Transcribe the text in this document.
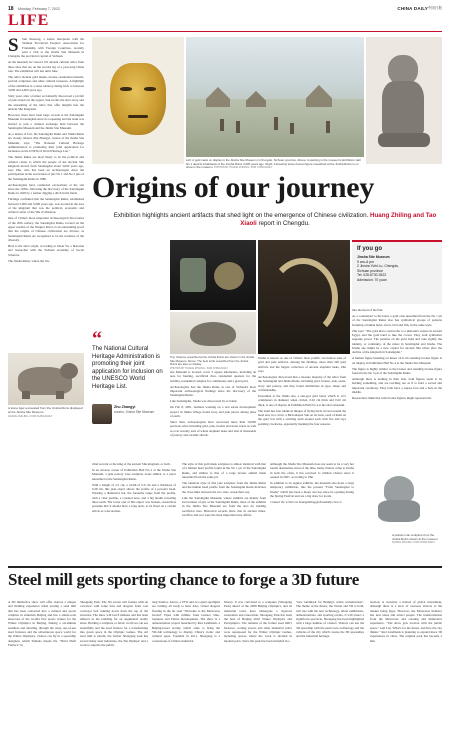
18 Monday, February 7, 2022	CHINA DAILY 中国日报
LIFE
S	Sun Xuesong, a senior interpreter with the Sichuan Provincial People's Association for Friendship with Foreign Countries, recently paid a visit to the Jinsha Site Museum in Chengdu, the provincial capital of Sichuan.

At the museum, he viewed 101 ancient cultural relics from three sites that are on the second leg of a year-long China tour. The exhibition will last until June.

The relics include gold masks, bronze ceremonial utensils, portrait sculptures and other cultural treasures. A highlight of the exhibition is a stone tabletop dating back to between 3,000 and 4,000 years ago.

Sixty years after a farmer accidentally discovered a pit full of jade objects in the region, Sun recalls the site's story and the unearthing of the relics that offer insights into the ancient Shu Kingdom.

However, there have been large crowds at the Sanxingdui Museum in Guanghan since its reopening and the team was invited to join a cultural exchange held between the Sanxingdui Museum and the Jinsha Site Museum.

As a matter of fact, the Sanxingdui Ruins and Jinsha Ruins are closely related. Zhu Zhangyi, curator of the Jinsha Site Museum, says: "The National Cultural Heritage Administration is promoting their joint application for inclusion on the UNESCO World Heritage List."

The Jinsha Ruins are most likely to be the political and cultural center to which the people of the ancient Shu kingdom moved from Sanxingdui about 3,000 years ago, says Zhu, who has been an archaeologist since the participation in the excavation of pits No 1 and No 2 pits of the Sanxingdui Ruins in 1986.

Archaeologists have conducted excavations at the site since the 1930s, following the discovery of the Sanxingdui Ruins in 1929 by a farmer digging a ditch in his fields.

Findings confirmed that the Sanxingdui Ruins, established between 5,000 and 3,000 years ago, was located in the area of the kingdom that was the political, economic and cultural center of the Shu civilization.

One of China's more important archaeological discoveries of the 20th century, the Sanxingdui Ruins, located on the upper reaches of the Yangtze River, is an outstanding proof that the origins of Chinese civilization are diverse, as Sanxingdui Ruins are recognized to be the evidence of the diversity.

Here is the site's origin, according to Duan Yu, a historian and researcher with the Sichuan Academy of Social Sciences.

The Jinsha Ruins, where the Jin-

A stone tiger excavated from the Jinsha Ruins displayed at the Jinsha Site Museum.
HUANG ZHILING / FOR CHINA DAILY
Left: A gold mask on display in the Jinsha Site Museum in Chengdu, Sichuan province. Above: A painting in the museum's Exhibition Hall No 1 depicts inhabitants of the Jinsha Ruins 3,000 years ago. Right: A kneeling stone human figure unearthed at the Jinsha Ruins is on show in the museum. PHOTOS BY HUANG ZHILING / FOR CHINA DAILY
Origins of our journey
Exhibition highlights ancient artifacts that shed light on the emergence of Chinese civilization. Huang Zhiling and Tao Xiaoli report in Chengdu.
“
The National Cultural Heritage Administration is promoting their joint application for inclusion on the UNESCO World Heritage List.
Zhu Zhangyi
curator, Jinsha Site Museum
Top: Science unearthed at the Jinsha Ruins are shown in the Jinsha Site Museum. Above: The best turtle unearthed from the Jinsha Ruins are also on display.
PHOTOS BY HUANG ZHILING / FOR CHINA DAILY

site Museum is located, cover 5 square kilometers, including an area for hunting, sacrificial rites, residential quarters for the nobility, residential complex for commoners and a graveyard.

Archaeologists had the Jinsha Ruins as one of Sichuan's most important archaeological findings since the discovery of the Sanxingdui Ruins.

Like Sanxingdui, Jinsha was discovered by accident.

On Feb 8, 2001, builders working on a real estate development project in Jinsha village found ivory and jade pieces among piles of earth.

Since then, archaeologists have excavated more than 10,000 precious relics including gold, jade, bronze and stone wares as well as over seventy tons of whole elephant tusks and tens of thousands of pottery and ceramic shards.

Jinsha is known as one of China's most prolific excavation sites of gold and jade artifacts. Among the findings, more than 200 gold artifacts and the largest collection of ancient elephant tusks, Zhu says.

Archaeologists discovered that a treasure majority of the relics from the Sanxingdui and Jinsha Ruins, including gold, bronze, jade, stone, ivory and pottery, and they found similarities in type, shape and craftsmanship.

Unearthed at the Jinsha site, a sun-god gold band, which is 12.5 centimeters in diameter when circled, 0.02 cm thick and 0.02 cm thick, is one of display in Exhibition Hall No 4 at the site's museum.

The band has four identical images of flying birds circled around the head and, in a circle, a Bird-shaped Sun on its back, each of them on the gold foil with a swirling stem around each with fire and rays pointing clockwise, apparently marking the four seasons.

If you go
Jinsha Site Museum
9 am–6 pm
2 Jinsha Yizhi Lu, Chengdu,
Sichuan province
Tel: 028-8730-3522
Admission: 70 yuan

into the head of the fish.

As a counterpart to the band, a gold cane unearthed from the No 1 pit of the Sanxingdui Ruins also has symbolical groups of patterns featuring a human head, arrow, bird and fish, in the same style.

Zhu says: "The gold mace could refer to a pharaoh's scepter in ancient Egypt, and the gold band is like the crown. They both symbolize supreme power. The patterns on the gold band and cane signify the identity, or continuity, of the rulers in Sanxingdui and Jinsha. The Jinsha site might be a new capital for ancient Shu tribes after the decline of the kingdom in Sanxingdui."

A human figure kneeling on knees 14.6-cm standing bronze figure is on display in Exhibition Hall No 4 at the Jinsha Site Museum.

The figure is highly similar to the bronze and standing bronze figure found in the No 3 pit of the Sanxingdui Ruins.

Although there is nothing in their lists, both figures seem to be holding something, and are reaching out as if to hold a sacred and important ceremony. They both have a square face and a hole in the middle.

Researchers think that both bronze figures might represent the

chief servant or the king of the ancient Shu kingdom, or both.

In an obverse corner of Exhibition Hall No 2 at the Jinsha Site Museum, a jade pottery vase sculpture looks similar to a piece unearthed at the Sanxingdui Ruins.

With a height of 2.5 cm, a width of 0.6 cm and a thickness of 0.28 cm, this jade object shows the profile of a person's head. Wearing a distinctive hat, the forearms range from the profile, with a clear jawline, a crooked nose, and a big mouth revealing three teeth. The lower end of this object was broken, researchers presume that it should have a long neck, to be fixed on a certain article as a decoration.

The style of this gold mask sculpture is almost identical with that of a human head profile found in the No 1 pit of the Sanxingdui Ruins, and similar to that of a large bronze animal mask unearthed from the same pit.

The identical style of this jade sculpture from the Jinsha Ruins and the human head profile from the Sanxingdui Ruins indicates the close links between the two sites, researchers say.

Like the Sanxingdui Museum, whose exhibits are mainly from excavations of pits at the Sanxingdui Ruins, most of the exhibits in the Jinsha Site Museum are from the area for holding sacrificial rites. Historical records show that in ancient times, sacrifice and war were the most important state affairs.

Although the Jinsha Site Museum does not seem to be a very hot tourist destination, most of the time, many visitors come to Jinsha in both life often, it has received 11 million visitors since it opened in 2007, according to Zhu.

In addition to its regular exhibits, the museum also hosts a large temporary exhibition, like the present "From Sanxingdui to Jinsha" which has been a major success since its opening during the Spring Festival and are a big draw for locals.

Contact the writers at huangzhiling@chinadaily.com.cn

A pelican man sculpture from the Jinsha Ruins shown at the museum.
HUANG ZHILING / FOR CHINA DAILY
Steel mill gets sporting chance to forge a 3D future
A 3D immersive show will offer visitors a unique and thrilling experience when touring a steel mill that has been converted into a cultural and sports complex in suburban Beijing and has a small-scale showcase of the world's first sports venues for the Winter Olympics in Beijing. During a six-minute seamless and dazzling, through the rusty, out-of-use steel furnaces and the adventurous space world for the Winter Olympics, visitors can fly in a spaceship designed, which Yamada means the "Third Shaft Furnace" in
Shougang Park. The 3D screen will feature with an overview with some fans and dragons from coal conveyor belt running down from the top of the structure. The show will last 8 minutes and has been utilized as the building for an augmented reality show. Holding a sculpture or fabric world we can see beautifully and the steel furnace for a transforming into green space in the Olympic Games. The old steel mill is rebuilt, the former Shougang park has served many steel industries, the Ten Olympic and a work to surprise the public.
tang Studios. Above, a UFO and two giant spotlights are coming, all ready to land. Also, virtual dragons floating in the air read "Welcome to the Metaverse Global" Pipes with infinite from Greater Sino-Japanese and Future Development. The show is a demonstration project launched by Red Landmark, a Beijing-based startup which aims to bring the VR/AR technology to display China's iconic and cultural spots. Founded in 2011, Shougang is a cornerstone of China's industrial
history. It was converted to a sculpture (Shougang Park) ahead of the 2008 Beijing Olympics, and its industrial relics have undergone a vigorous restoration and renovation. Shougang Park has been the host of Beijing 2022 Winter Olympics and Paralympics. The remains of the former steel mill's furnaces, cooling towers and other industrial relics were repurposed for the Winter Olympic Games, including spaces where the work is divided in modern parts. Since the park has been included in a
"new landmark for Beijing's urban revitalization". The theme of the future, the virtual and VR is both, will rise with the new technology, urban exhibitions, demonstrations, and sporting events. It will attract a significant spectacle, Shougang has been highlighted with a large number of visitors. Visitors can use the 3D spaceship with the park's new technology and the vehicles of the city which creates the 3D spaceships and the industrial heritage.
nection, is currently a hotbed of global investment, although there is a slew of overseas visitors to the market being hype. However, the Metaverse industry has new ideas and attract people. The transformation from the Metaverse and creating and immersive experience. "The show gets traction with the public space," said Liu, 'What's for the future, and how the city thinks.'" Red Landmark is planning to expand more 3D experiences in cities. The original park has become a hub.
